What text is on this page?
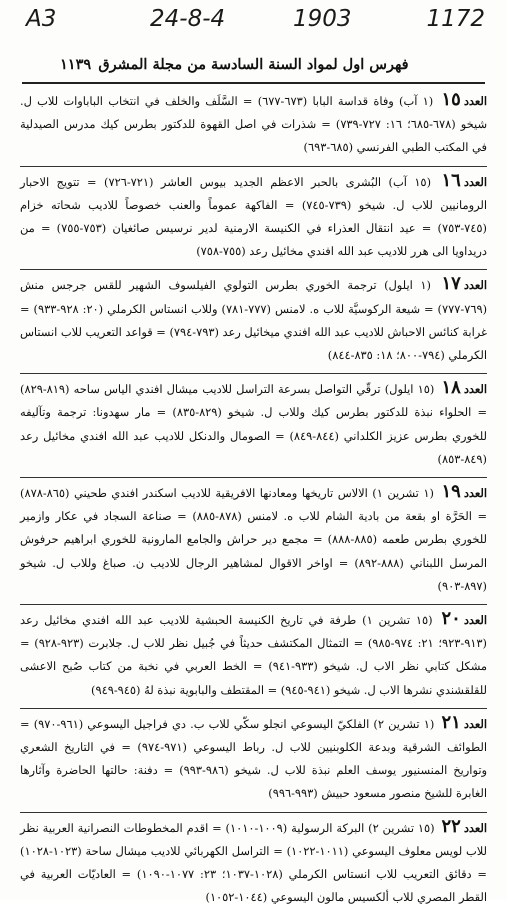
A3	24-8-4	1903	1172
فهرس اول لمواد السنة السادسة من مجلة المشرق
١١٣٩

العدد١٥ (١ آب) وفاة قداسة البابا (٦٧٣-٦٧٧) = السَّلَف والخلف في انتخاب الباباوات للاب ل. شيخو (٦٧٨-٦٨٥؛ ١٦: ٧٢٧-٧٣٩) = شذرات في اصل القهوة للدكتور بطرس كيك مدرس الصيدلية في المكتب الطبي الفرنسي (٦٨٥-٦٩٣)

العدد١٦ (١٥ آب) البُشرى بالحبر الاعظم الجديد بيوس العاشر (٧٢١-٧٢٦) = تتويج الاحبار الرومانيين للاب ل. شيخو (٧٣٩-٧٤٥) = الفاكهة عموماً والعنب خصوصاً للاديب شحاته خزام (٧٤٥-٧٥٣) = عيد انتقال العذراء في الكنيسة الارمنية لدير نرسيس صائغيان (٧٥٣-٧٥٥) = من دريداويا الى هرر للاديب عبد الله افندي مخائيل رعد (٧٥٥-٧٥٨)

العدد١٧ (١ ايلول) ترجمة الخوري بطرس التولوي الفيلسوف الشهير للقس جرجس منش (٧٦٩-٧٧٧) = شيعة الركوسيَّة للاب ه. لامنس (٧٧٧-٧٨١) وللاب انستاس الكرملي (٢٠: ٩٢٨-٩٣٣) = غرابة كنائس الاحباش للاديب عبد الله افندي ميخائيل رعد (٧٩٣-٧٩٤) = قواعد التعريب للاب انستاس الكرملي (٧٩٤-٨٠٠؛ ١٨: ٨٣٥-٨٤٤)

العدد١٨ (١٥ ايلول) ترقّي التواصل بسرعة التراسل للاديب ميشال افندي الياس ساحه (٨١٩-٨٢٩) = الحلواء نبذة للدكتور بطرس كيك وللاب ل. شيخو (٨٢٩-٨٣٥) = مار سهدونا: ترجمة وتآليفه للخوري بطرس عزيز الكلداني (٨٤٤-٨٤٩) = الصومال والدنكل للاديب عبد الله افندي مخائيل رعد (٨٤٩-٨٥٣)

العدد١٩ (١ تشرين ١) الالاس تاريخها ومعادنها الافريقية للاديب اسكندر افندي طحيني (٨٦٥-٨٧٨) = الحَرَّة او بقعة من بادية الشام للاب ه. لامنس (٨٧٨-٨٨٥) = صناعة السجاد في عكار وازمير للخوري بطرس طعمه (٨٨٥-٨٨٨) = مجمع دير حراش والجامع المارونية للخوري ابراهيم حرفوش المرسل اللبناني (٨٨٨-٨٩٢) = اواخر الاقوال لمشاهير الرجال للاديب ن. صباغ وللاب ل. شيخو (٨٩٧-٩٠٣)

العدد٢٠ (١٥ تشرين ١) طرفة في تاريخ الكنيسة الحبشية للاديب عبد الله افندي مخائيل رعد (٩١٣-٩٢٣؛ ٢١: ٩٧٤-٩٨٥) = التمثال المكتشف حديثاً في جُبيل نظر للاب ل. جلابرت (٩٢٣-٩٢٨) = مشكل كتابي نظر الاب ل. شيخو (٩٣٣-٩٤١) = الخط العربي في نخبة من كتاب صُبح الاعشى للقلقشندي نشرها الاب ل. شيخو (٩٤١-٩٤٥) = المقتطف والبابوية نبذة لهُ (٩٤٥-٩٤٩)

العدد٢١ (١ تشرين ٢) الفلكيّ اليسوعي انجلو سكّي للاب ب. دي فراجيل اليسوعي (٩٦١-٩٧٠) = الطوائف الشرقية وبدعة الكلوبنيين للاب ل. رباط اليسوعي (٩٧١-٩٧٤) = في التاريخ الشعري وتواريخ المنسنيور يوسف العلم نبذة للاب ل. شيخو (٩٨٦-٩٩٣) = دفنة: حالتها الحاضرة وآثارها الغابرة للشيخ منصور مسعود حبيش (٩٩٣-٩٩٦)

العدد٢٢ (١٥ تشرين ٢) البركة الرسولية (١٠٠٩-١٠١٠) = اقدم المخطوطات النصرانية العربية نظر للاب لويس معلوف اليسوعي (١٠١١-١٠٢٢) = التراسل الكهربائي للاديب ميشال ساحة (١٠٢٣-١٠٢٨) = دقائق التعريب للاب انستاس الكرملي (١٠٢٨-١٠٣٧؛ ٢٣: ١٠٧٧-١٠٩٠) = العاديّات العربية في القطر المصري للاب ألكسيس مالون اليسوعي (١٠٤٤-١٠٥٢)
